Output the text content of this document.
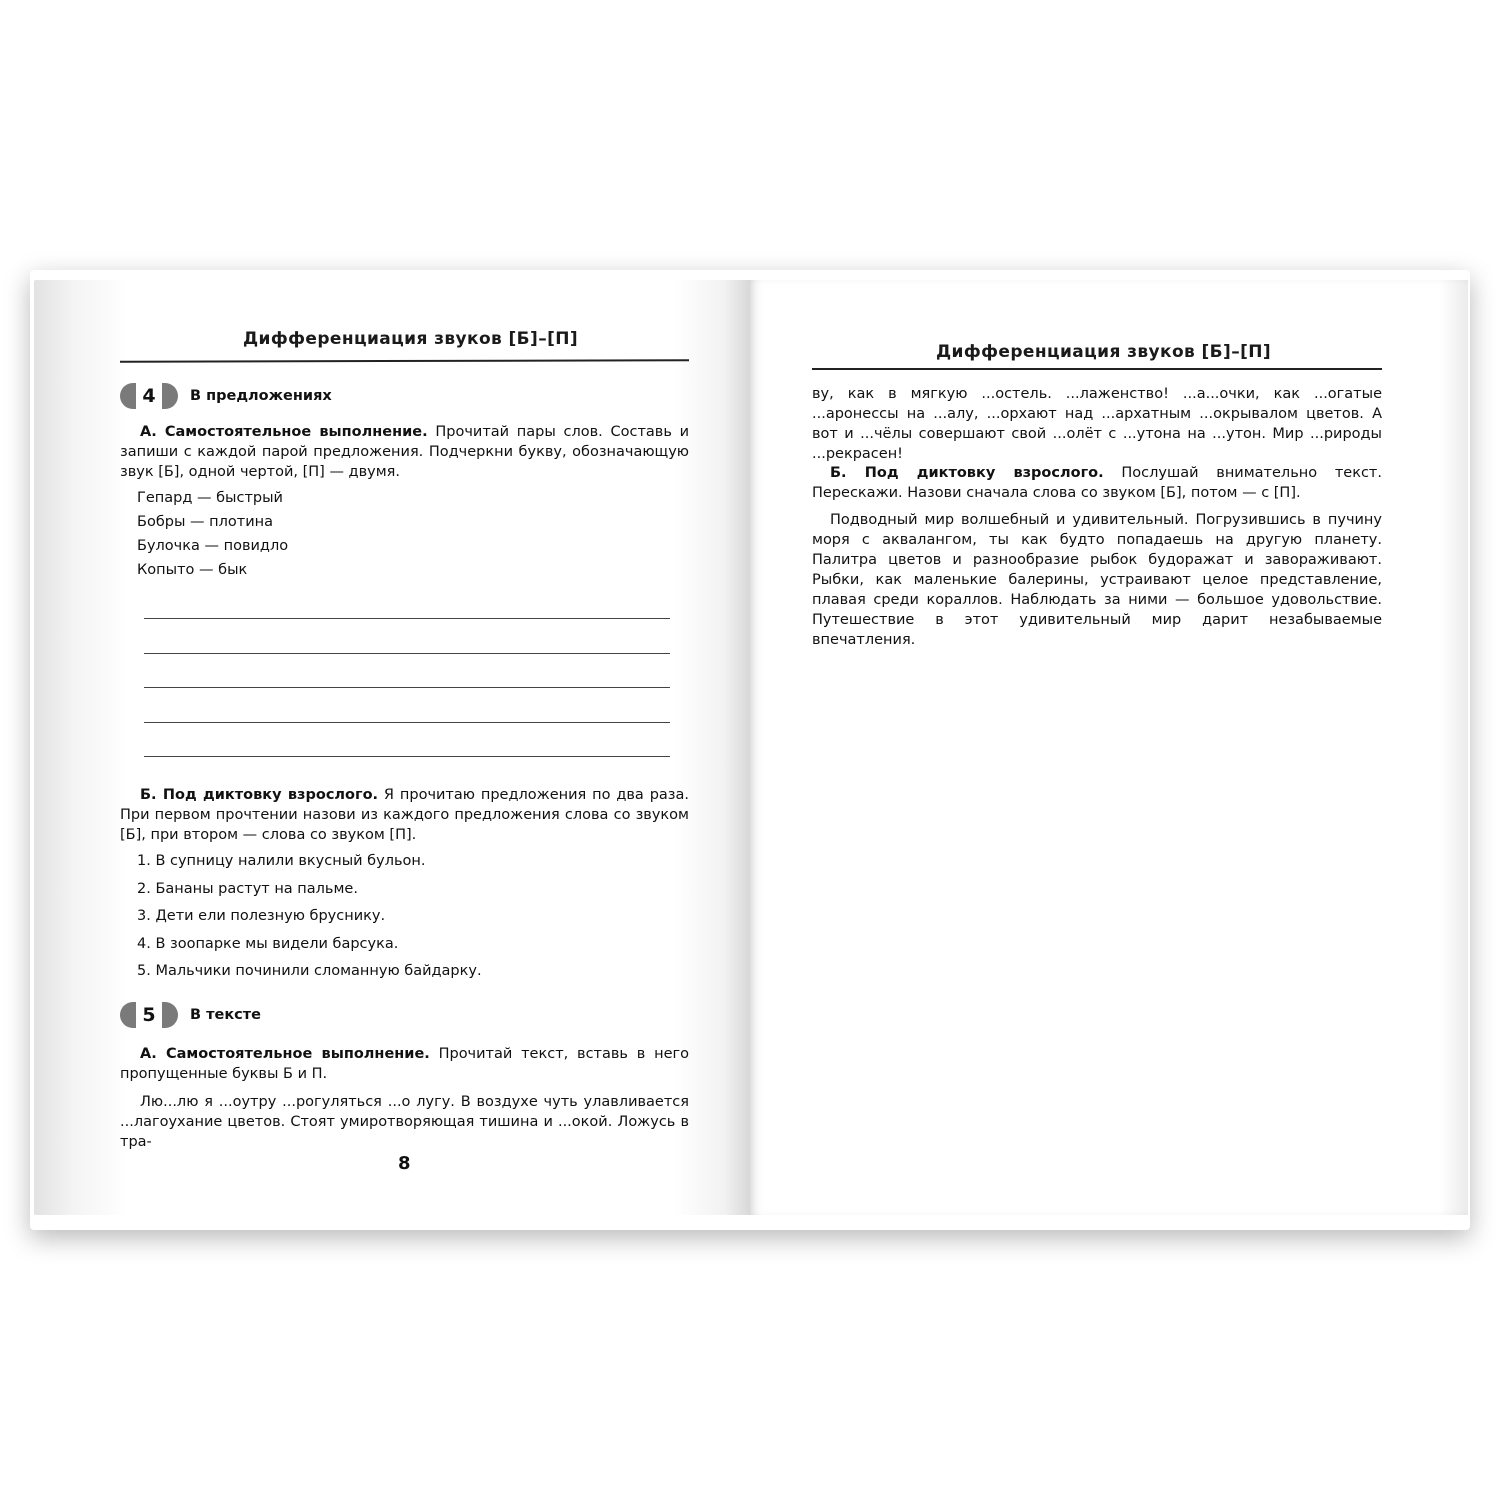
Дифференциация звуков [Б]–[П]
4	В предложениях
А. Самостоятельное выполнение. Прочитай пары слов. Составь и запиши с каждой парой предложения. Подчеркни букву, обозначающую звук [Б], одной чертой, [П] — двумя.
Гепард — быстрый
Бобры — плотина
Булочка — повидло
Копыто — бык
Б. Под диктовку взрослого. Я прочитаю предложения по два раза. При первом прочтении назови из каждого предложения слова со звуком [Б], при втором — слова со звуком [П].
1. В супницу налили вкусный бульон.
2. Бананы растут на пальме.
3. Дети ели полезную бруснику.
4. В зоопарке мы видели барсука.
5. Мальчики починили сломанную байдарку.
5	В тексте
А. Самостоятельное выполнение. Прочитай текст, вставь в него пропущенные буквы Б и П.
Лю...лю я ...оутру ...рогуляться ...о лугу. В воздухе чуть улавливается ...лагоухание цветов. Стоят умиротворяющая тишина и ...окой. Ложусь в тра-
8
Дифференциация звуков [Б]–[П]
ву, как в мягкую ...остель. ...лаженство! ...а...очки, как ...огатые ...аронессы на ...алу, ...орхают над ...архатным ...окрывалом цветов. А вот и ...чёлы совершают свой ...олёт с ...утона на ...утон. Мир ...рироды ...рекрасен!
Б. Под диктовку взрослого. Послушай внимательно текст. Перескажи. Назови сначала слова со звуком [Б], потом — с [П].
Подводный мир волшебный и удивительный. Погрузившись в пучину моря с аквалангом, ты как будто попадаешь на другую планету. Палитра цветов и разнообразие рыбок будоражат и завораживают. Рыбки, как маленькие балерины, устраивают целое представление, плавая среди кораллов. Наблюдать за ними — большое удовольствие. Путешествие в этот удивительный мир дарит незабываемые впечатления.
